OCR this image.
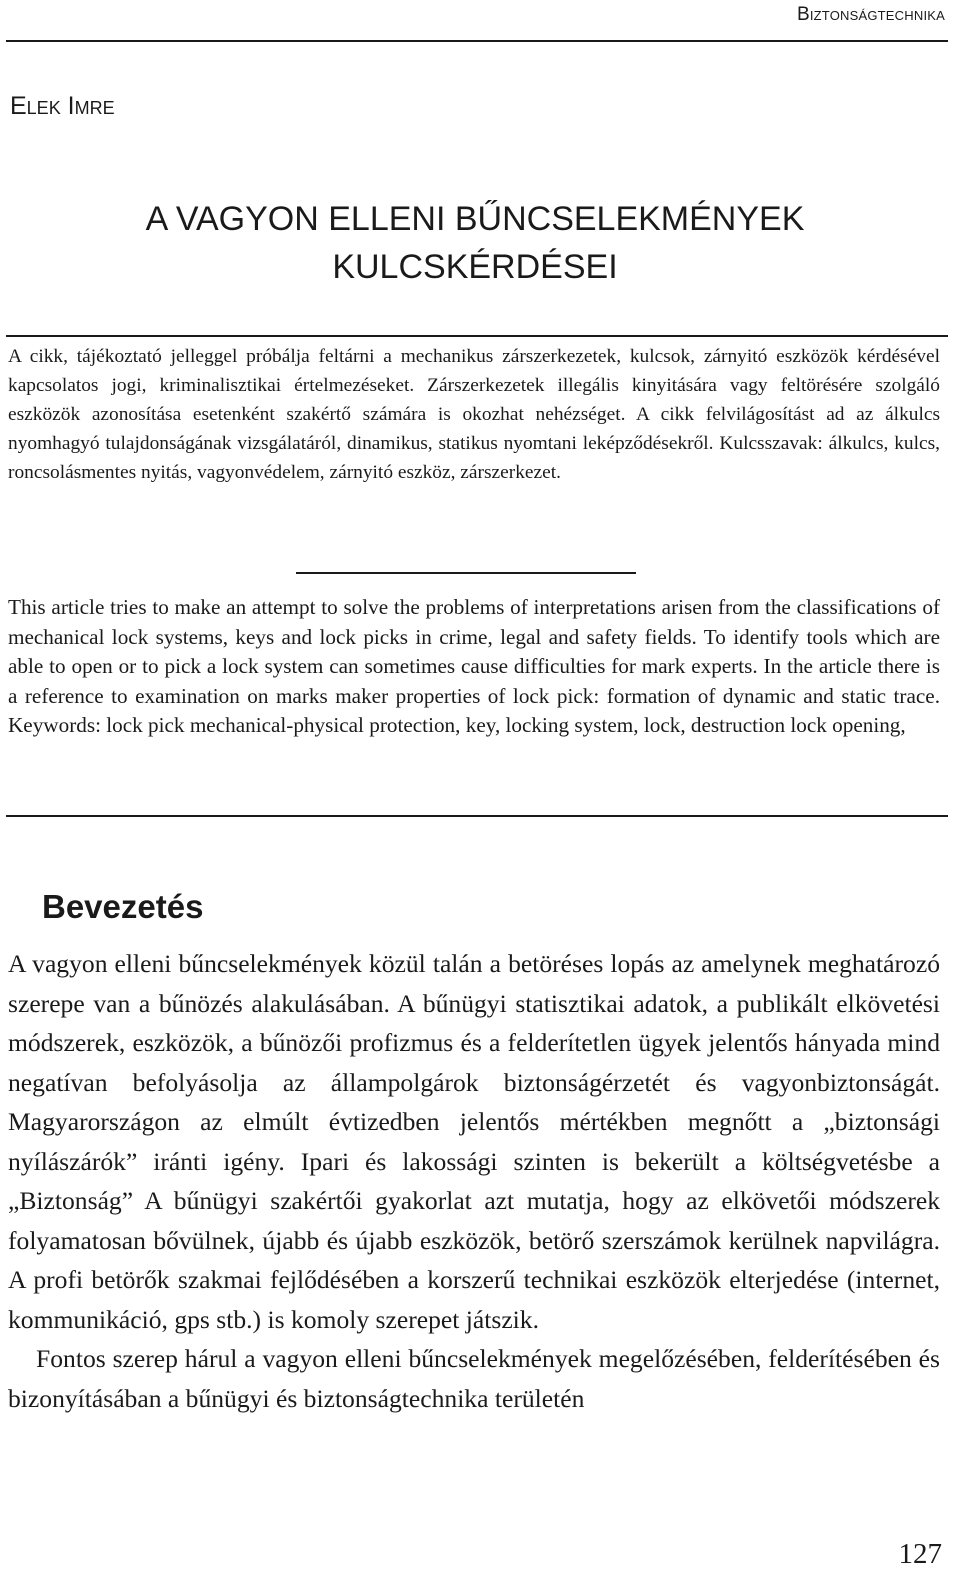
Biztonságtechnika
Elek Imre
A VAGYON ELLENI BŰNCSELEKMÉNYEK
KULCSKÉRDÉSEI

A cikk, tájékoztató jelleggel próbálja feltárni a mechanikus zárszerkezetek, kulcsok, zárnyitó eszközök kérdésével kapcsolatos jogi, kriminalisztikai értelmezéseket. Zárszerkezetek illegális kinyitására vagy feltörésére szolgáló eszközök azonosítása esetenként szakértő számára is okozhat nehézséget. A cikk felvilágosítást ad az álkulcs nyomhagyó tulajdonságának vizsgálatáról, dinamikus, statikus nyomtani leképződésekről. Kulcsszavak: álkulcs, kulcs, roncsolásmentes nyitás, vagyonvédelem, zárnyitó eszköz, zárszerkezet.

This article tries to make an attempt to solve the problems of interpretations arisen from the classifications of mechanical lock systems, keys and lock picks in crime, legal and safety fields. To identify tools which are able to open or to pick a lock system can sometimes cause difficulties for mark experts. In the article there is a reference to examination on marks maker properties of lock pick: formation of dynamic and static trace. Keywords: lock pick mechanical-physical protection, key, locking system, lock, destruction lock opening,

Bevezetés

A vagyon elleni bűncselekmények közül talán a betöréses lopás az amelynek meghatározó szerepe van a bűnözés alakulásában. A bűnügyi statisztikai adatok, a publikált elkövetési módszerek, eszközök, a bűnözői profizmus és a felderítetlen ügyek jelentős hányada mind negatívan befolyásolja az állampolgárok biztonságérzetét és vagyonbiztonságát. Magyarországon az elmúlt évtizedben jelentős mértékben megnőtt a „biztonsági nyílászárók” iránti igény. Ipari és lakossági szinten is bekerült a költségvetésbe a „Biztonság” A bűnügyi szakértői gyakorlat azt mutatja, hogy az elkövetői módszerek folyamatosan bővülnek, újabb és újabb eszközök, betörő szerszámok kerülnek napvilágra. A profi betörők szakmai fejlődésében a korszerű technikai eszközök elterjedése (internet, kommunikáció, gps stb.) is komoly szerepet játszik.

Fontos szerep hárul a vagyon elleni bűncselekmények megelőzésében, felderítésében és bizonyításában a bűnügyi és biztonságtechnika területén

127
